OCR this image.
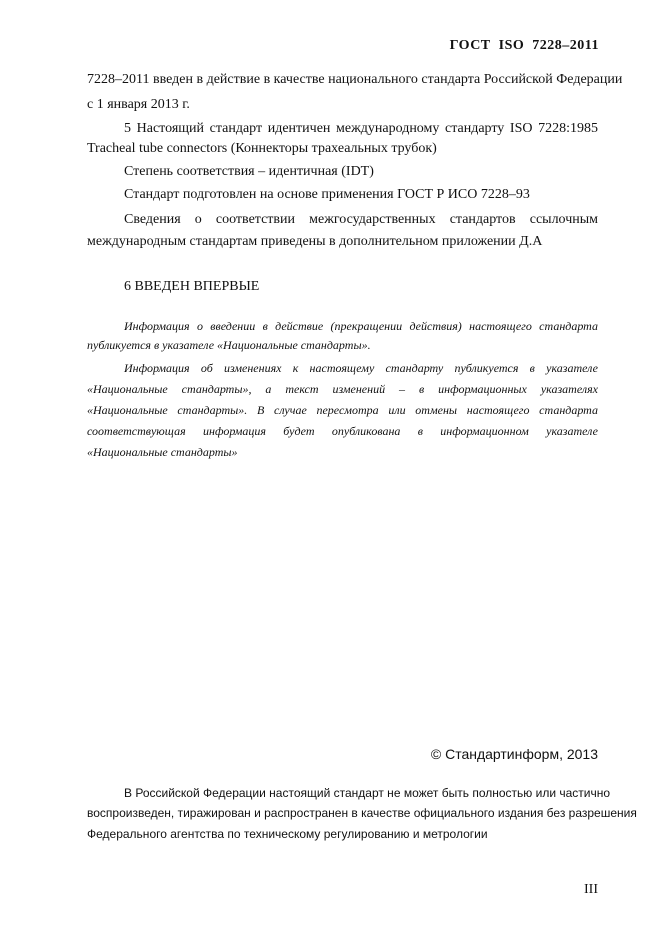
ГОСТ  ISO  7228–2011
7228–2011 введен в действие в качестве национального стандарта Российской Федерации
с 1 января 2013 г.
5 Настоящий стандарт идентичен международному стандарту ISO 7228:1985
Tracheal tube connectors (Коннекторы трахеальных трубок)
Степень соответствия – идентичная (IDT)
Стандарт подготовлен на основе применения ГОСТ Р ИСО 7228–93
Сведения о соответствии межгосударственных стандартов ссылочным
международным стандартам приведены в дополнительном приложении Д.А
6 ВВЕДЕН ВПЕРВЫЕ
Информация о введении в действие (прекращении действия) настоящего стандарта
публикуется в указателе «Национальные стандарты».
Информация об изменениях к настоящему стандарту публикуется в указателе
«Национальные стандарты», а текст изменений – в информационных указателях
«Национальные стандарты». В случае пересмотра или отмены настоящего стандарта
соответствующая информация будет опубликована в информационном указателе
«Национальные стандарты»
© Стандартинформ, 2013
В Российской Федерации настоящий стандарт не может быть полностью или частично
воспроизведен, тиражирован и распространен в качестве официального издания без разрешения
Федерального агентства по техническому регулированию и метрологии
III
